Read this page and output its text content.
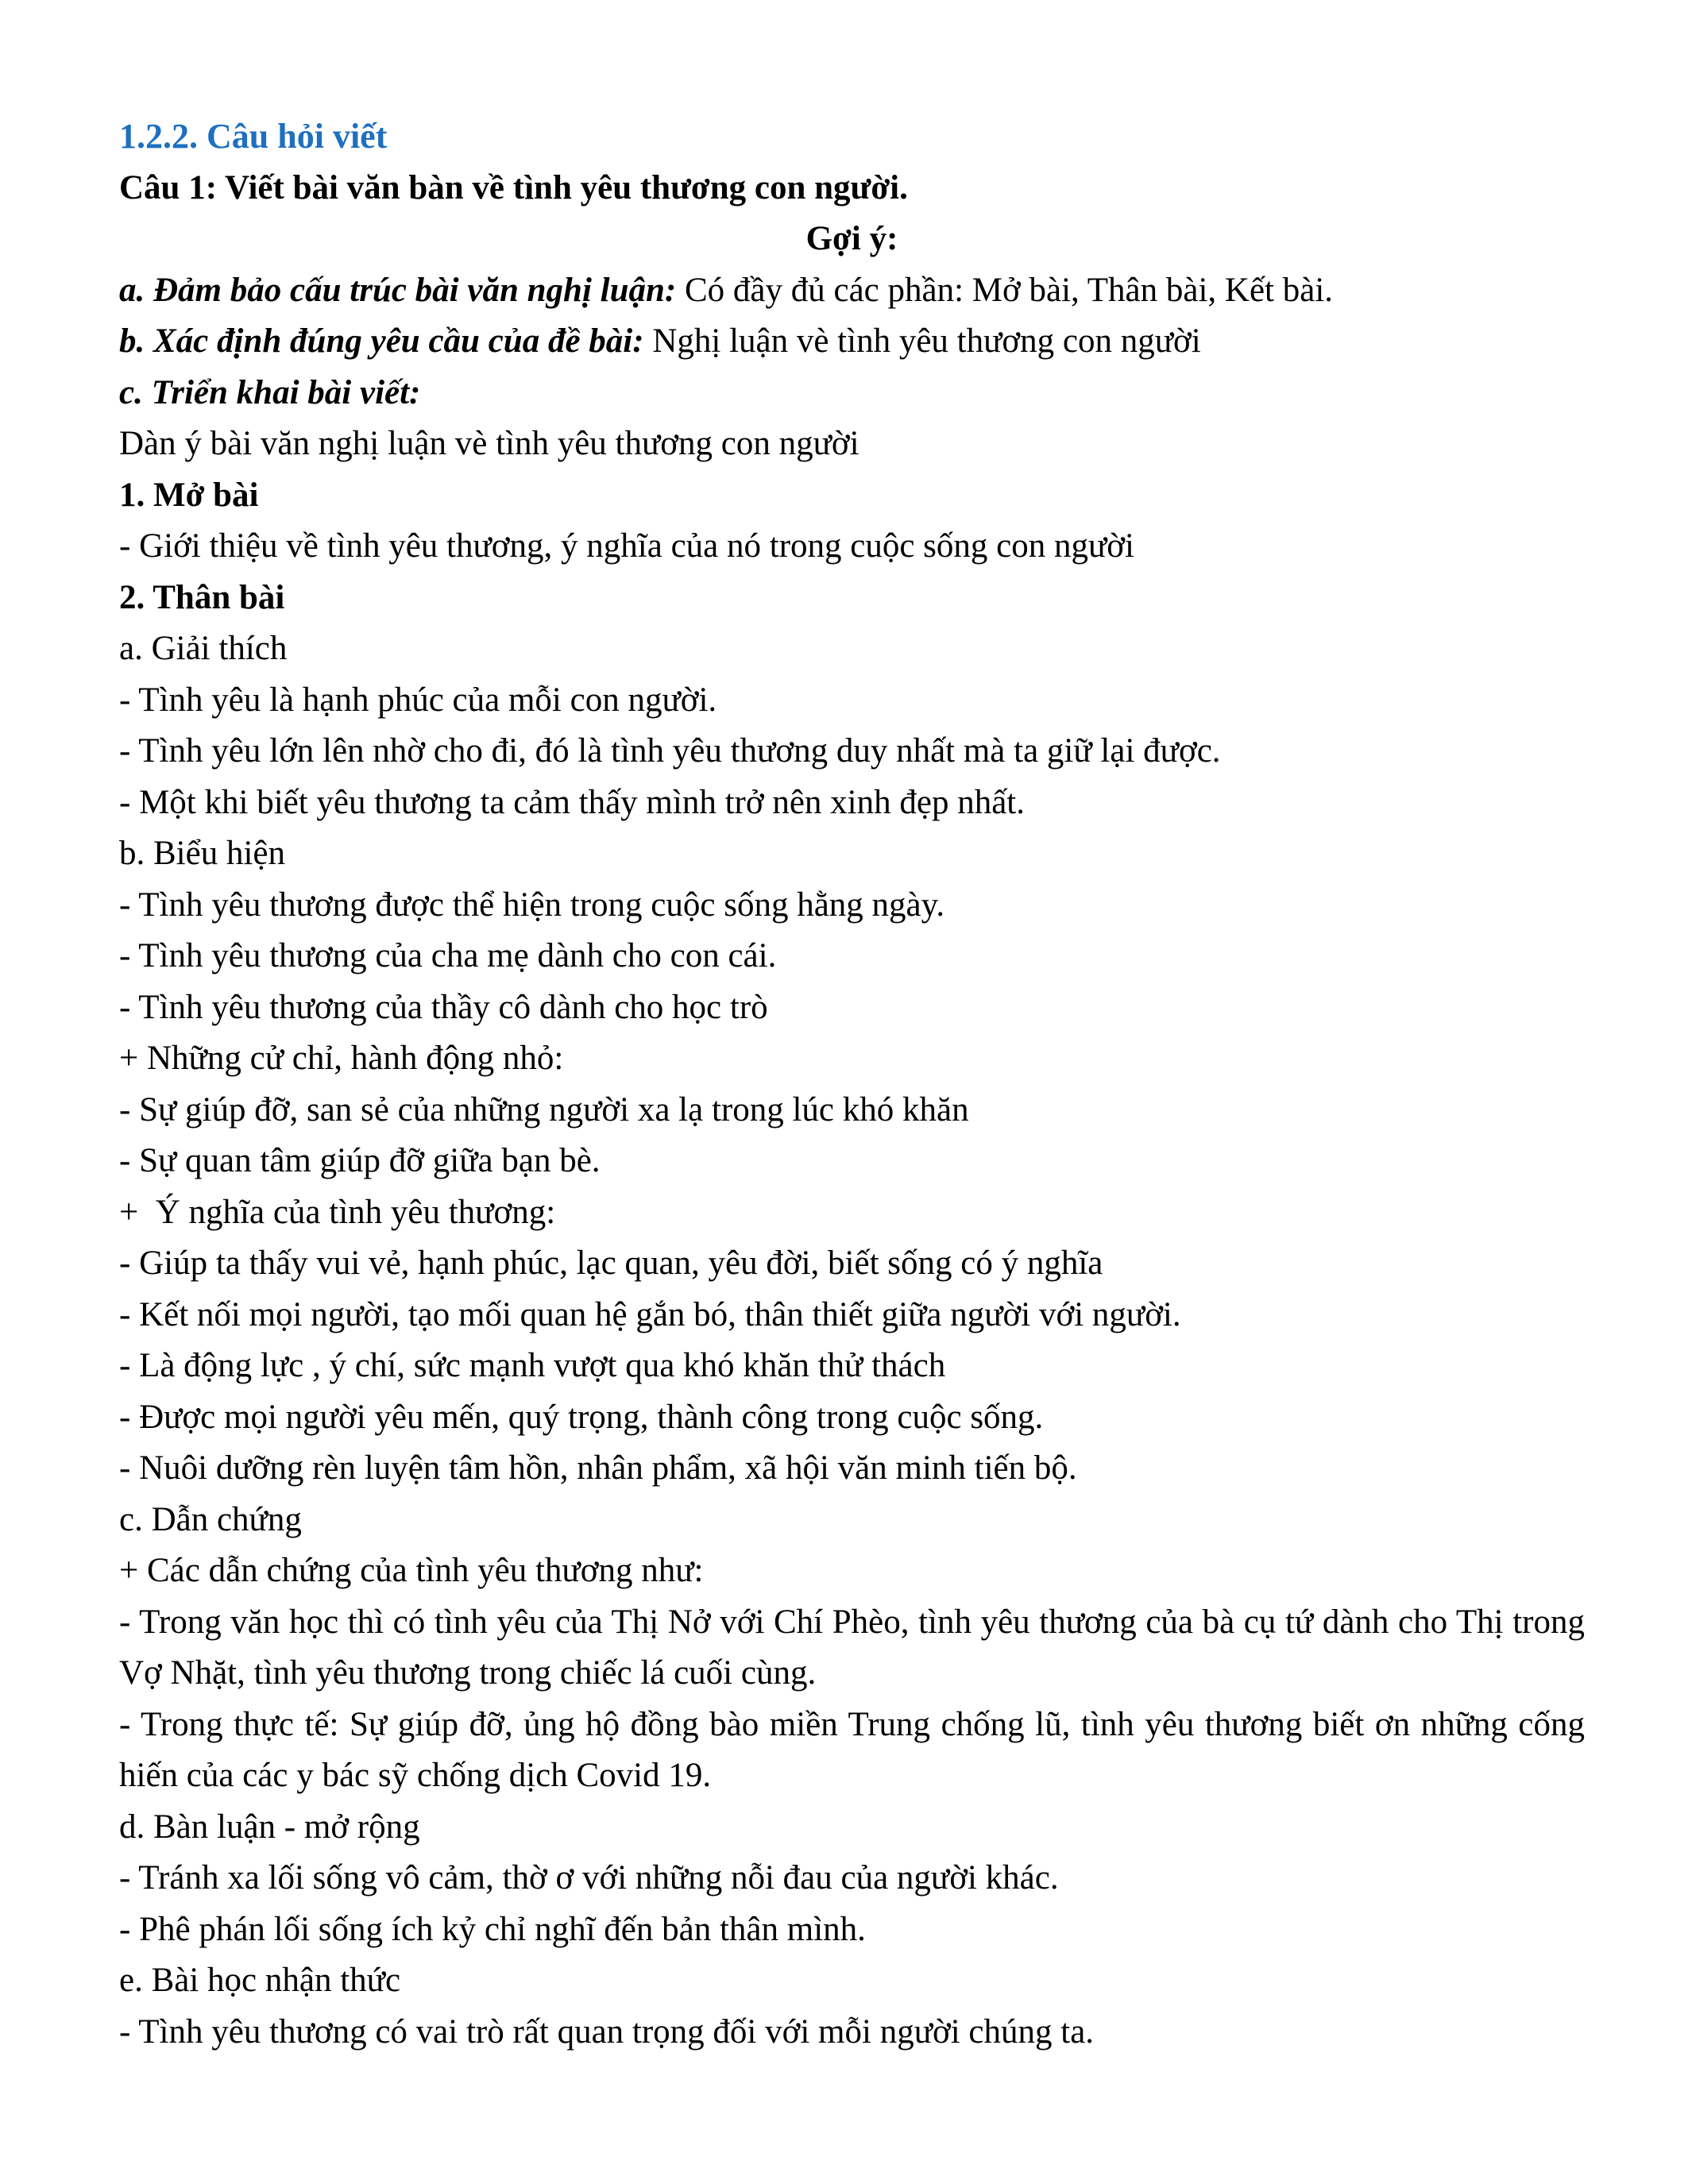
1.2.2. Câu hỏi viết

Câu 1: Viết bài văn bàn về tình yêu thương con người.

Gợi ý:

a. Đảm bảo cấu trúc bài văn nghị luận: Có đầy đủ các phần: Mở bài, Thân bài, Kết bài.

b. Xác định đúng yêu cầu của đề bài: Nghị luận vè tình yêu thương con người

c. Triển khai bài viết:

Dàn ý bài văn nghị luận vè tình yêu thương con người

1. Mở bài

- Giới thiệu về tình yêu thương, ý nghĩa của nó trong cuộc sống con người

2. Thân bài

a. Giải thích

- Tình yêu là hạnh phúc của mỗi con người.

- Tình yêu lớn lên nhờ cho đi, đó là tình yêu thương duy nhất mà ta giữ lại được.

- Một khi biết yêu thương ta cảm thấy mình trở nên xinh đẹp nhất.

b. Biểu hiện

- Tình yêu thương được thể hiện trong cuộc sống hằng ngày.

- Tình yêu thương của cha mẹ dành cho con cái.

- Tình yêu thương của thầy cô dành cho học trò

+ Những cử chỉ, hành động nhỏ:

- Sự giúp đỡ, san sẻ của những người xa lạ trong lúc khó khăn

- Sự quan tâm giúp đỡ giữa bạn bè.

+  Ý nghĩa của tình yêu thương:

- Giúp ta thấy vui vẻ, hạnh phúc, lạc quan, yêu đời, biết sống có ý nghĩa

- Kết nối mọi người, tạo mối quan hệ gắn bó, thân thiết giữa người với người.

- Là động lực , ý chí, sức mạnh vượt qua khó khăn thử thách

- Được mọi người yêu mến, quý trọng, thành công trong cuộc sống.

- Nuôi dưỡng rèn luyện tâm hồn, nhân phẩm, xã hội văn minh tiến bộ.

c. Dẫn chứng

+ Các dẫn chứng của tình yêu thương như:

- Trong văn học thì có tình yêu của Thị Nở với Chí Phèo, tình yêu thương của bà cụ tứ dành cho Thị trong Vợ Nhặt, tình yêu thương trong chiếc lá cuối cùng.

- Trong thực tế: Sự giúp đỡ, ủng hộ đồng bào miền Trung chống lũ, tình yêu thương biết ơn những cống hiến của các y bác sỹ chống dịch Covid 19.

d. Bàn luận - mở rộng

- Tránh xa lối sống vô cảm, thờ ơ với những nỗi đau của người khác.

- Phê phán lối sống ích kỷ chỉ nghĩ đến bản thân mình.

e. Bài học nhận thức

- Tình yêu thương có vai trò rất quan trọng đối với mỗi người chúng ta.
